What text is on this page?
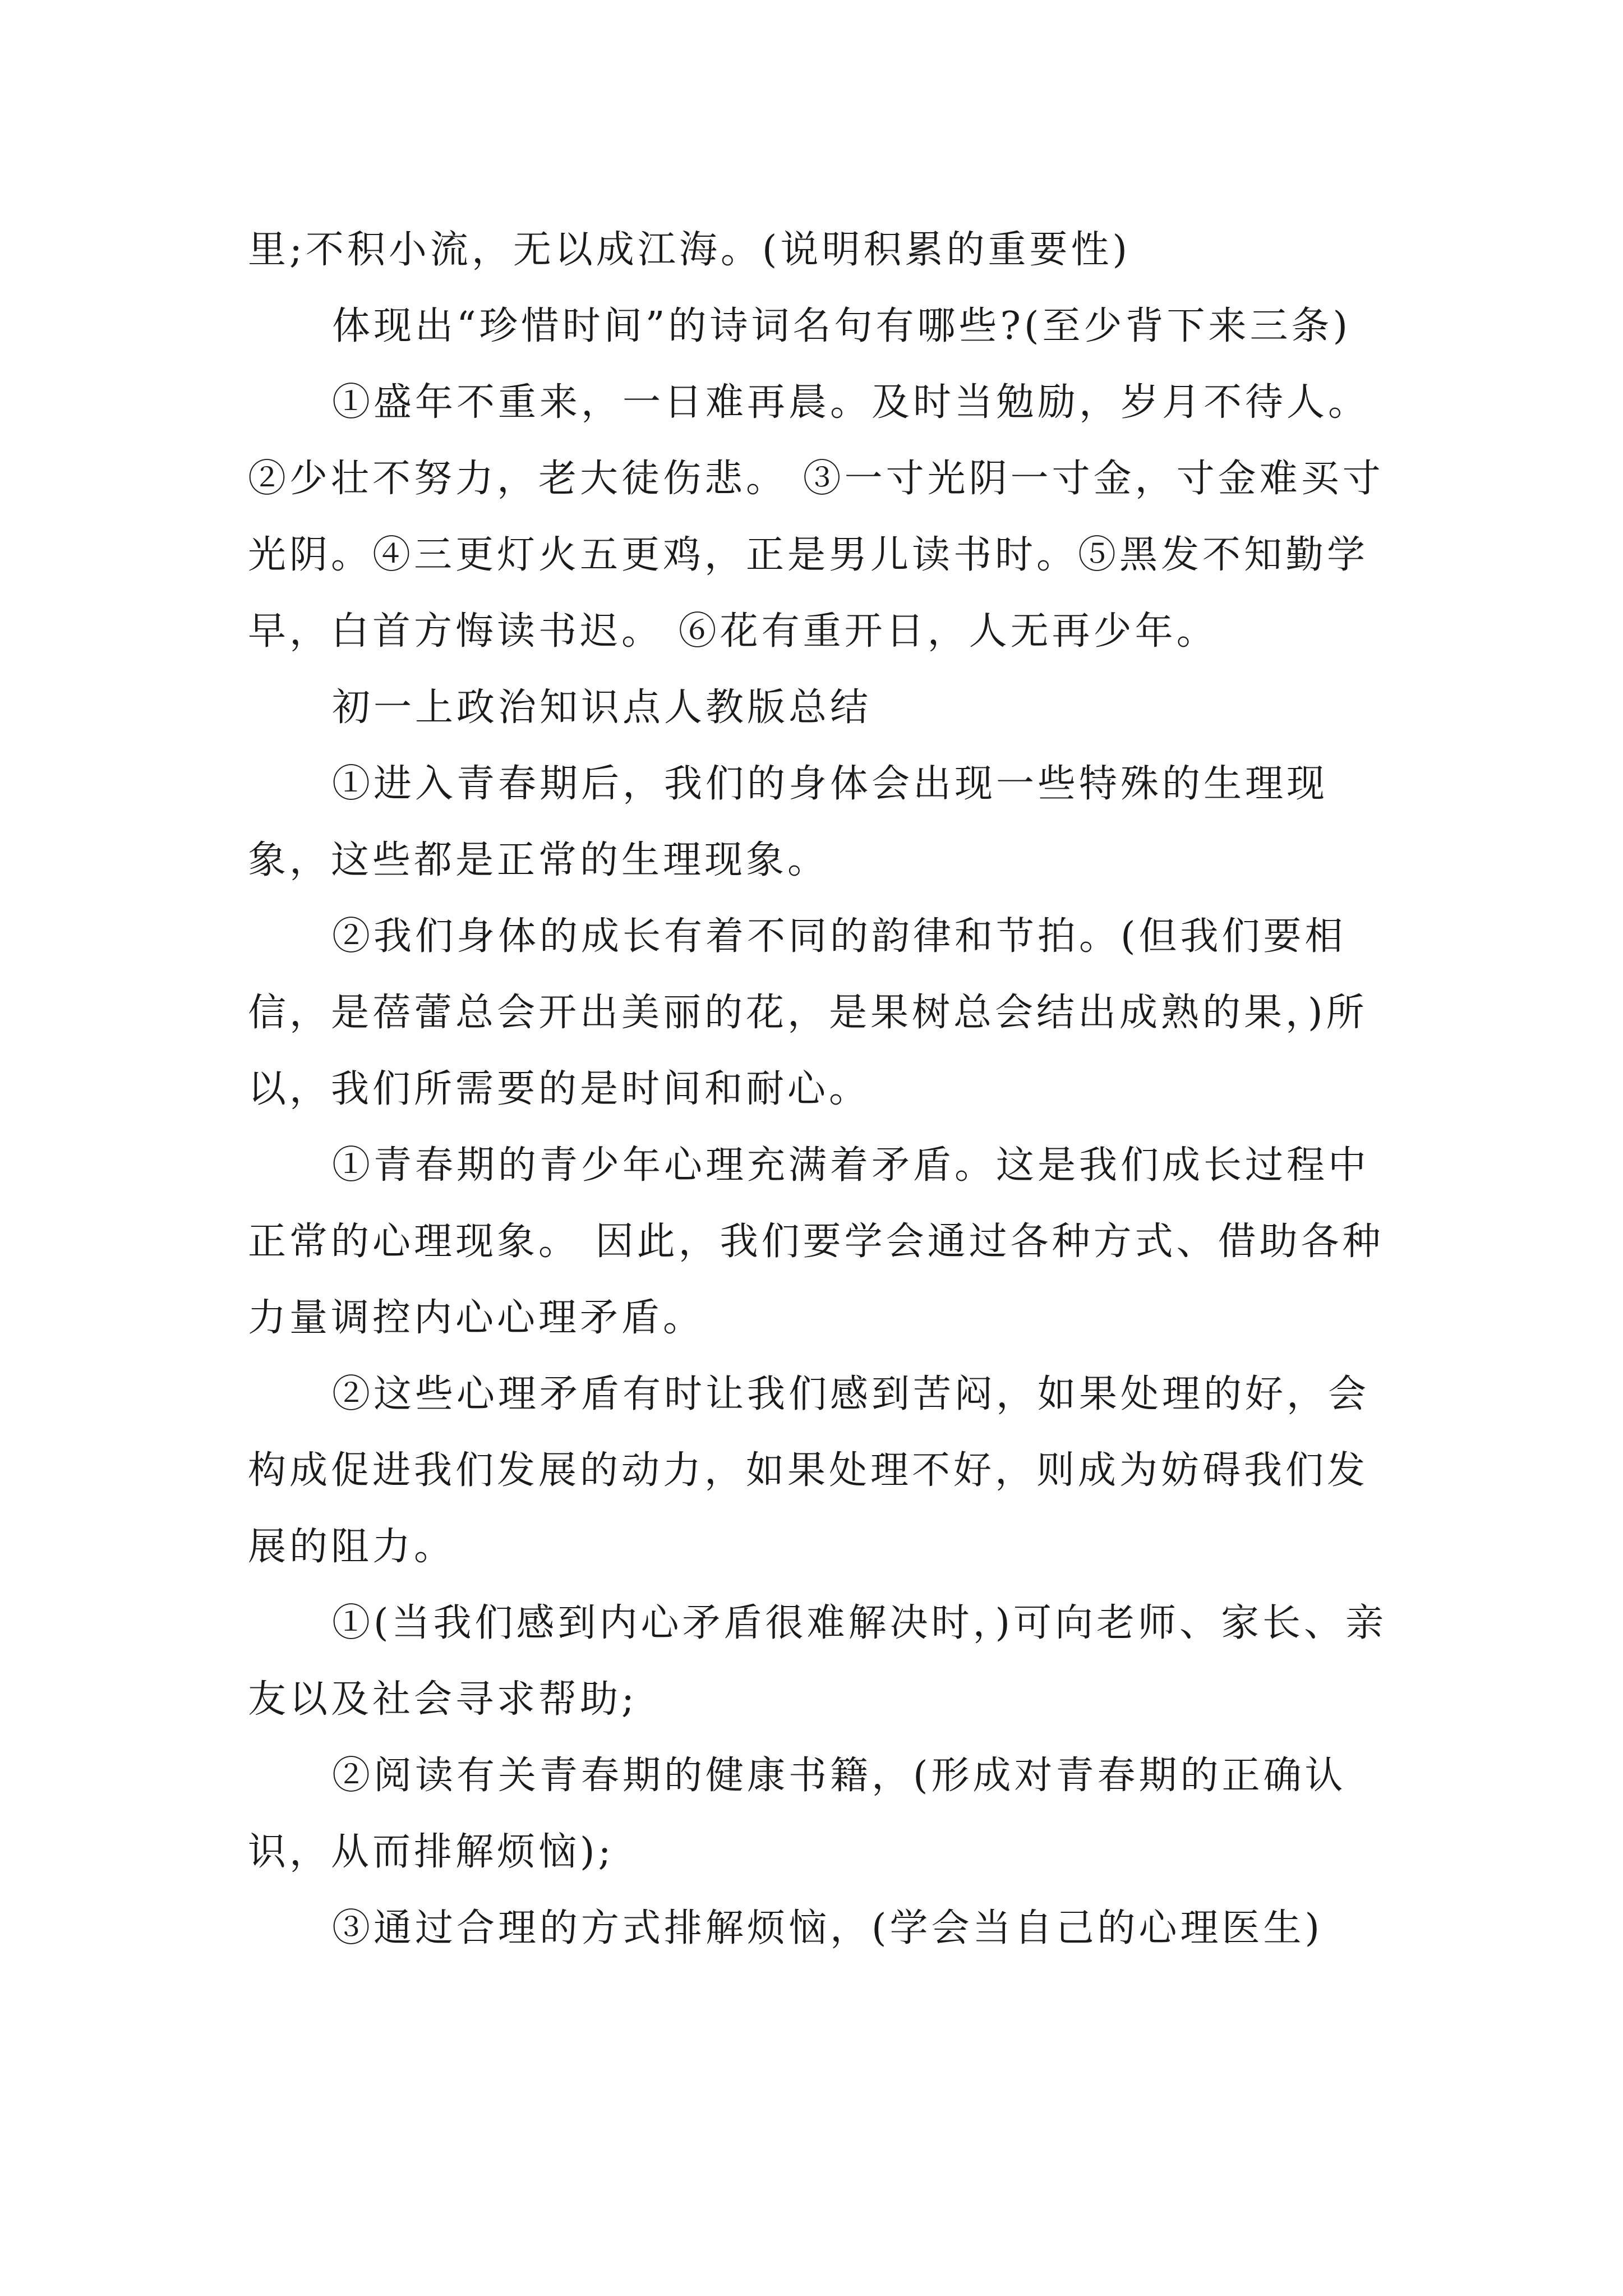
里;不积小流，无以成江海。(说明积累的重要性)

体现出“珍惜时间”的诗词名句有哪些?(至少背下来三条)

①盛年不重来，一日难再晨。及时当勉励，岁月不待人。②少壮不努力，老大徒伤悲。 ③一寸光阴一寸金，寸金难买寸光阴。④三更灯火五更鸡，正是男儿读书时。⑤黑发不知勤学早，白首方悔读书迟。 ⑥花有重开日，人无再少年。

初一上政治知识点人教版总结

①进入青春期后，我们的身体会出现一些特殊的生理现象，这些都是正常的生理现象。

②我们身体的成长有着不同的韵律和节拍。(但我们要相信，是蓓蕾总会开出美丽的花，是果树总会结出成熟的果，)所以，我们所需要的是时间和耐心。

①青春期的青少年心理充满着矛盾。这是我们成长过程中正常的心理现象。 因此，我们要学会通过各种方式、借助各种力量调控内心心理矛盾。

②这些心理矛盾有时让我们感到苦闷，如果处理的好，会构成促进我们发展的动力，如果处理不好，则成为妨碍我们发展的阻力。

①(当我们感到内心矛盾很难解决时，)可向老师、家长、亲友以及社会寻求帮助;

②阅读有关青春期的健康书籍，(形成对青春期的正确认识，从而排解烦恼);

③通过合理的方式排解烦恼，(学会当自己的心理医生)
